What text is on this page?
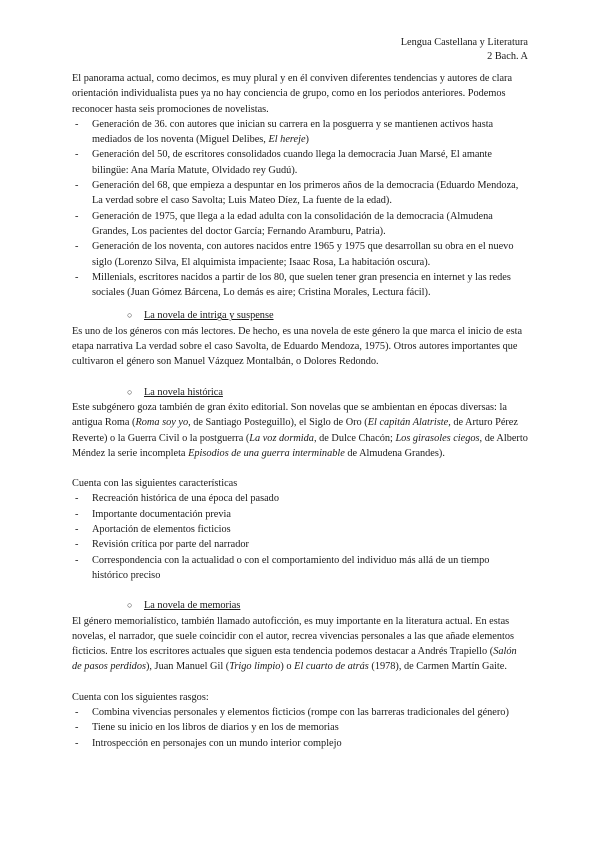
Lengua Castellana y Literatura
2 Bach. A

El panorama actual, como decimos, es muy plural y en él conviven diferentes tendencias y autores de clara orientación individualista pues ya no hay conciencia de grupo, como en los periodos anteriores. Podemos reconocer hasta seis promociones de novelistas.

- Generación de 36. con autores que inician su carrera en la posguerra y se mantienen activos hasta mediados de los noventa (Miguel Delibes, El hereje)
- Generación del 50, de escritores consolidados cuando llega la democracia Juan Marsé, El amante bilingüe: Ana María Matute, Olvidado rey Gudú).
- Generación del 68, que empieza a despuntar en los primeros años de la democracia (Eduardo Mendoza, La verdad sobre el caso Savolta; Luis Mateo Díez, La fuente de la edad).
- Generación de 1975, que llega a la edad adulta con la consolidación de la democracia (Almudena Grandes, Los pacientes del doctor García; Fernando Aramburu, Patria).
- Generación de los noventa, con autores nacidos entre 1965 y 1975 que desarrollan su obra en el nuevo siglo (Lorenzo Silva, El alquimista impaciente; Isaac Rosa, La habitación oscura).
- Millenials, escritores nacidos a partir de los 80, que suelen tener gran presencia en internet y las redes sociales (Juan Gómez Bárcena, Lo demás es aire; Cristina Morales, Lectura fácil).
○ La novela de intriga y suspense

Es uno de los géneros con más lectores. De hecho, es una novela de este género la que marca el inicio de esta etapa narrativa La verdad sobre el caso Savolta, de Eduardo Mendoza, 1975). Otros autores importantes que cultivaron el género son Manuel Vázquez Montalbán, o Dolores Redondo.

○ La novela histórica

Este subgénero goza también de gran éxito editorial. Son novelas que se ambientan en épocas diversas: la antigua Roma (Roma soy yo, de Santiago Posteguillo), el Siglo de Oro (El capitán Alatriste, de Arturo Pérez Reverte) o la Guerra Civil o la postguerra (La voz dormida, de Dulce Chacón; Los girasoles ciegos, de Alberto Méndez la serie incompleta Episodios de una guerra interminable de Almudena Grandes).

Cuenta con las siguientes características

- Recreación histórica de una época del pasado
- Importante documentación previa
- Aportación de elementos ficticios
- Revisión crítica por parte del narrador
- Correspondencia con la actualidad o con el comportamiento del individuo más allá de un tiempo histórico preciso
○ La novela de memorias

El género memorialístico, también llamado autoficción, es muy importante en la literatura actual. En estas novelas, el narrador, que suele coincidir con el autor, recrea vivencias personales a las que añade elementos ficticios. Entre los escritores actuales que siguen esta tendencia podemos destacar a Andrés Trapiello (Salón de pasos perdidos), Juan Manuel Gil (Trigo limpio) o El cuarto de atrás (1978), de Carmen Martín Gaite.

Cuenta con los siguientes rasgos:

- Combina vivencias personales y elementos ficticios (rompe con las barreras tradicionales del género)
- Tiene su inicio en los libros de diarios y en los de memorias
- Introspección en personajes con un mundo interior complejo
